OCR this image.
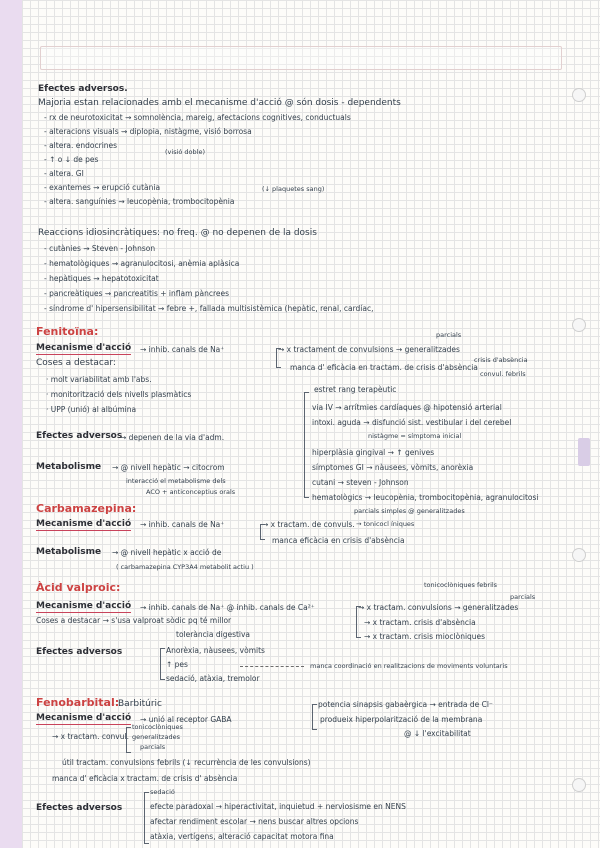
Efectes adversos.
Majoria estan relacionades amb el mecanisme d'acció @ són dosis - dependents
- rx de neurotoxicitat ⇝ somnolència, mareig, afectacions cognitives, conductuals
- alteracions visuals ⇝ diplopia, nistàgme, visió borrosa
- altera. endocrines
(visió doble)
- ↑ o ↓ de pes
- altera. GI
- exantemes ⇝ erupció cutània	(↓ plaquetes sang)
- altera. sanguínies ⇝ leucopènia, trombocitopènia
Reaccions idiosincràtiques: no freq. @ no depenen de la dosis
- cutànies ⇝ Steven - Johnson
- hematològiques ⇝ agranulocitosi, anèmia aplàsica
- hepàtiques ⇝ hepatotoxicitat
- pancreàtiques ⇝ pancreatitis + inflam pàncrees
- síndrome d' hipersensibilitat ⇝ febre +, fallada multisistèmica (hepàtic, renal, cardíac,
Fenitoïna:	parcials
Mecanisme d'acció → inhib. canals de Na⁺	→ x tractament de convulsions → generalitzades
crisis d'absència
manca d' eficàcia en tractam. de crisis d'absència
convul. febrils
Coses a destacar:
· molt variabilitat amb l'abs.
· monitorització dels nivells plasmàtics
· UPP (unió) al albúmina
estret rang terapèutic
via IV → arrítmies cardíaques @ hipotensió arterial
intoxi. aguda → disfunció sist. vestibular i del cerebel
nistàgme = símptoma inicial
hiperplàsia gingival → ↑ genives
símptomes GI → nàusees, vòmits, anorèxia
cutani → steven - Johnson
hematològics → leucopènia, trombocitopènia, agranulocitosi
Efectes adversos
→ depenen de la via d'adm.
Metabolisme → @ nivell hepàtic → citocrom
interacció el metabolisme dels
ACO + anticonceptius orals
Carbamazepina:	parcials simples @ generalitzades
Mecanisme d'acció → inhib. canals de Na⁺	→ x tractam. de convuls. → tonicocl íniques
manca eficàcia en crisis d'absència
Metabolisme → @ nivell hepàtic x acció de
( carbamazepina CYP3A4 metabolit actiu )
tonicoclòniques febrils
Àcid valproic:
parcials
Mecanisme d'acció → inhib. canals de Na⁺ @ inhib. canals de Ca²⁺	→ x tractam. convulsions → generalitzades
Coses a destacar → s'usa valproat sòdic pq té millor	→ x tractam. crisis d'absència
tolerància digestiva	→ x tractam. crisis mioclòniques
Efectes adversos	Anorèxia, nàusees, vòmits
↑ pes
sedació, atàxia, tremolor
manca coordinació en realitzacions de moviments voluntaris
Fenobarbital:
Barbitúric	potencia sinapsis gabaèrgica → entrada de Cl⁻
Mecanisme d'acció → unió al receptor GABA	produeix hiperpolarització de la membrana
@ ↓ l'excitabilitat
→ x tractam. convul.
tonicoclòniques
generalitzades
parcials
útil tractam. convulsions febrils (↓ recurrència de les convulsions)
manca d' eficàcia x tractam. de crisis d' absència
sedació
Efectes adversos	efecte paradoxal → hiperactivitat, inquietud + nerviosisme en NENS
afectar rendiment escolar → nens buscar altres opcions
atàxia, vertígens, alteració capacitat motora fina
